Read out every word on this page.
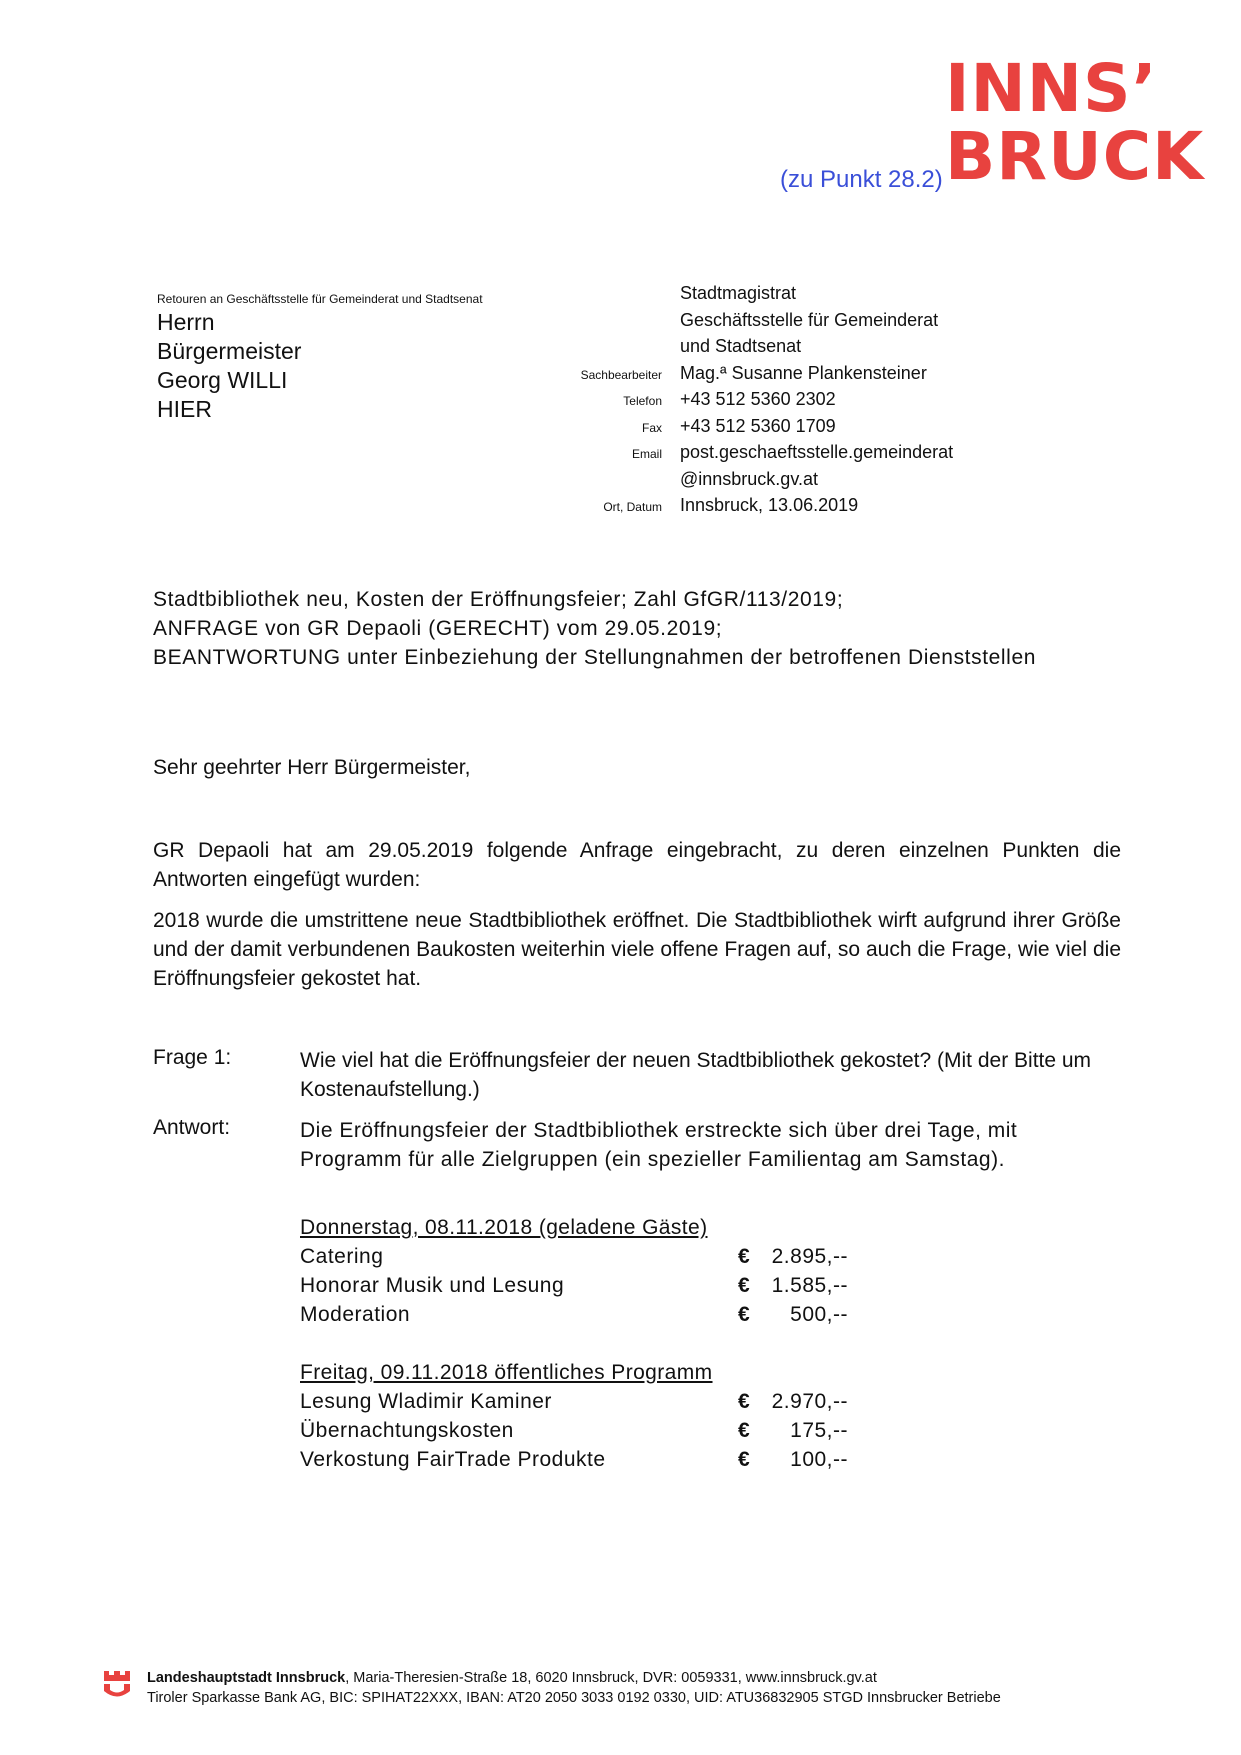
INNS’
BRUCK
(zu Punkt 28.2)
Retouren an Geschäftsstelle für Gemeinderat und Stadtsenat
Herrn
Bürgermeister
Georg WILLI
HIER
Stadtmagistrat
Geschäftsstelle für Gemeinderat
und Stadtsenat
Sachbearbeiter	Mag.ª Susanne Plankensteiner
Telefon	+43 512 5360 2302
Fax	+43 512 5360 1709
Email	post.geschaeftsstelle.gemeinderat
@innsbruck.gv.at
Ort, Datum	Innsbruck, 13.06.2019
Stadtbibliothek neu, Kosten der Eröffnungsfeier; Zahl GfGR/113/2019;
ANFRAGE von GR Depaoli (GERECHT) vom 29.05.2019;
BEANTWORTUNG unter Einbeziehung der Stellungnahmen der betroffenen Dienststellen
Sehr geehrter Herr Bürgermeister,
GR Depaoli hat am 29.05.2019 folgende Anfrage eingebracht, zu deren einzelnen Punkten die Antworten eingefügt wurden:
2018 wurde die umstrittene neue Stadtbibliothek eröffnet. Die Stadtbibliothek wirft aufgrund ihrer Größe und der damit verbundenen Baukosten weiterhin viele offene Fragen auf, so auch die Frage, wie viel die Eröffnungsfeier gekostet hat.
Frage 1:	Wie viel hat die Eröffnungsfeier der neuen Stadtbibliothek gekostet? (Mit der Bitte um Kostenaufstellung.)
Antwort:	Die Eröffnungsfeier der Stadtbibliothek erstreckte sich über drei Tage, mit Programm für alle Zielgruppen (ein spezieller Familientag am Samstag).
Donnerstag, 08.11.2018 (geladene Gäste)
Catering	€ 2.895,--
Honorar Musik und Lesung	€ 1.585,--
Moderation	€ 500,--
Freitag, 09.11.2018 öffentliches Programm
Lesung Wladimir Kaminer	€ 2.970,--
Übernachtungskosten	€ 175,--
Verkostung FairTrade Produkte	€ 100,--
Landeshauptstadt Innsbruck, Maria-Theresien-Straße 18, 6020 Innsbruck, DVR: 0059331, www.innsbruck.gv.at
Tiroler Sparkasse Bank AG, BIC: SPIHAT22XXX, IBAN: AT20 2050 3033 0192 0330, UID: ATU36832905 STGD Innsbrucker Betriebe
